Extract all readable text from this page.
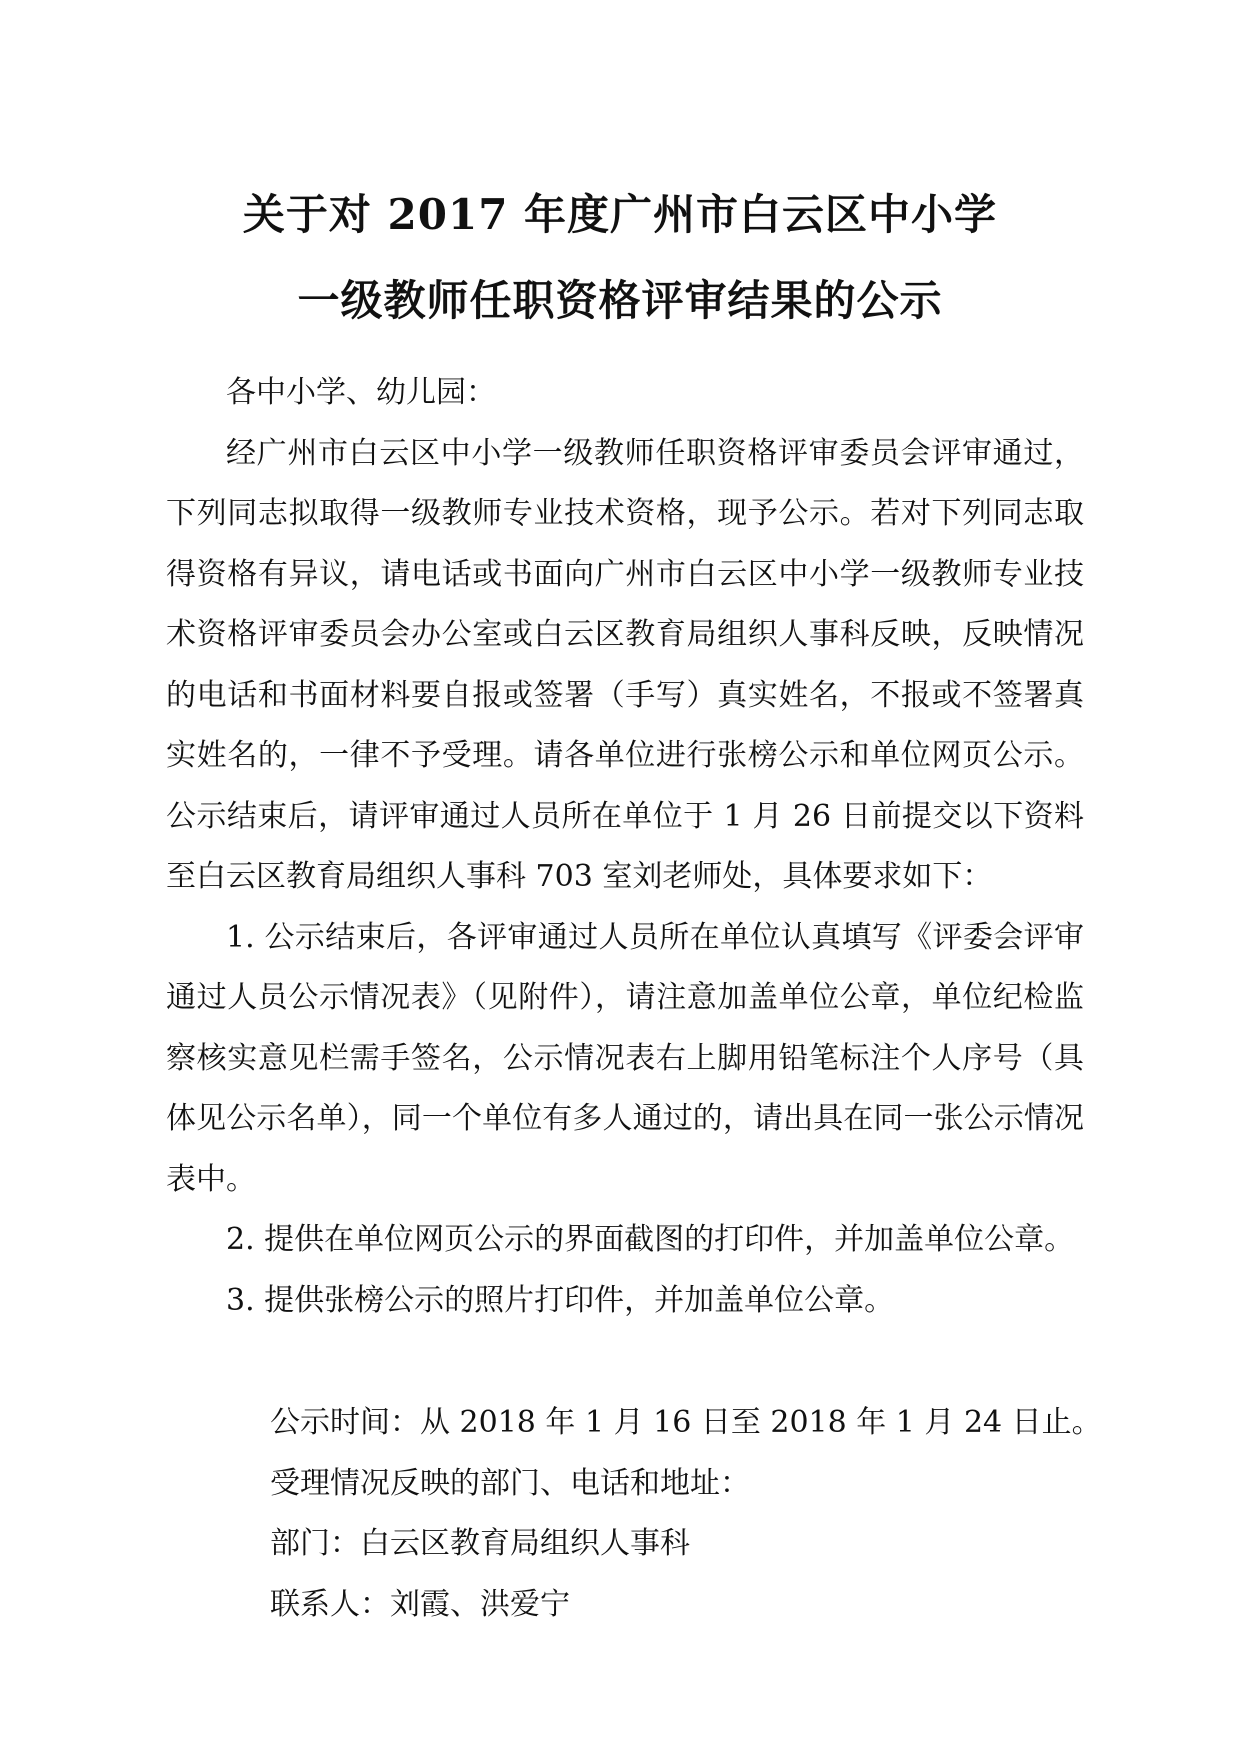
关于对 2017 年度广州市白云区中小学
一级教师任职资格评审结果的公示

各中小学、幼儿园：

经广州市白云区中小学一级教师任职资格评审委员会评审通过，下列同志拟取得一级教师专业技术资格，现予公示。若对下列同志取得资格有异议，请电话或书面向广州市白云区中小学一级教师专业技术资格评审委员会办公室或白云区教育局组织人事科反映，反映情况的电话和书面材料要自报或签署（手写）真实姓名，不报或不签署真实姓名的，一律不予受理。请各单位进行张榜公示和单位网页公示。公示结束后，请评审通过人员所在单位于 1 月 26 日前提交以下资料至白云区教育局组织人事科 703 室刘老师处，具体要求如下：

1. 公示结束后，各评审通过人员所在单位认真填写《评委会评审通过人员公示情况表》（见附件），请注意加盖单位公章，单位纪检监察核实意见栏需手签名，公示情况表右上脚用铅笔标注个人序号（具体见公示名单），同一个单位有多人通过的，请出具在同一张公示情况表中。

2. 提供在单位网页公示的界面截图的打印件，并加盖单位公章。

3. 提供张榜公示的照片打印件，并加盖单位公章。

公示时间：从 2018 年 1 月 16 日至 2018 年 1 月 24 日止。
受理情况反映的部门、电话和地址：
部门：白云区教育局组织人事科
联系人：刘霞、洪爱宁
